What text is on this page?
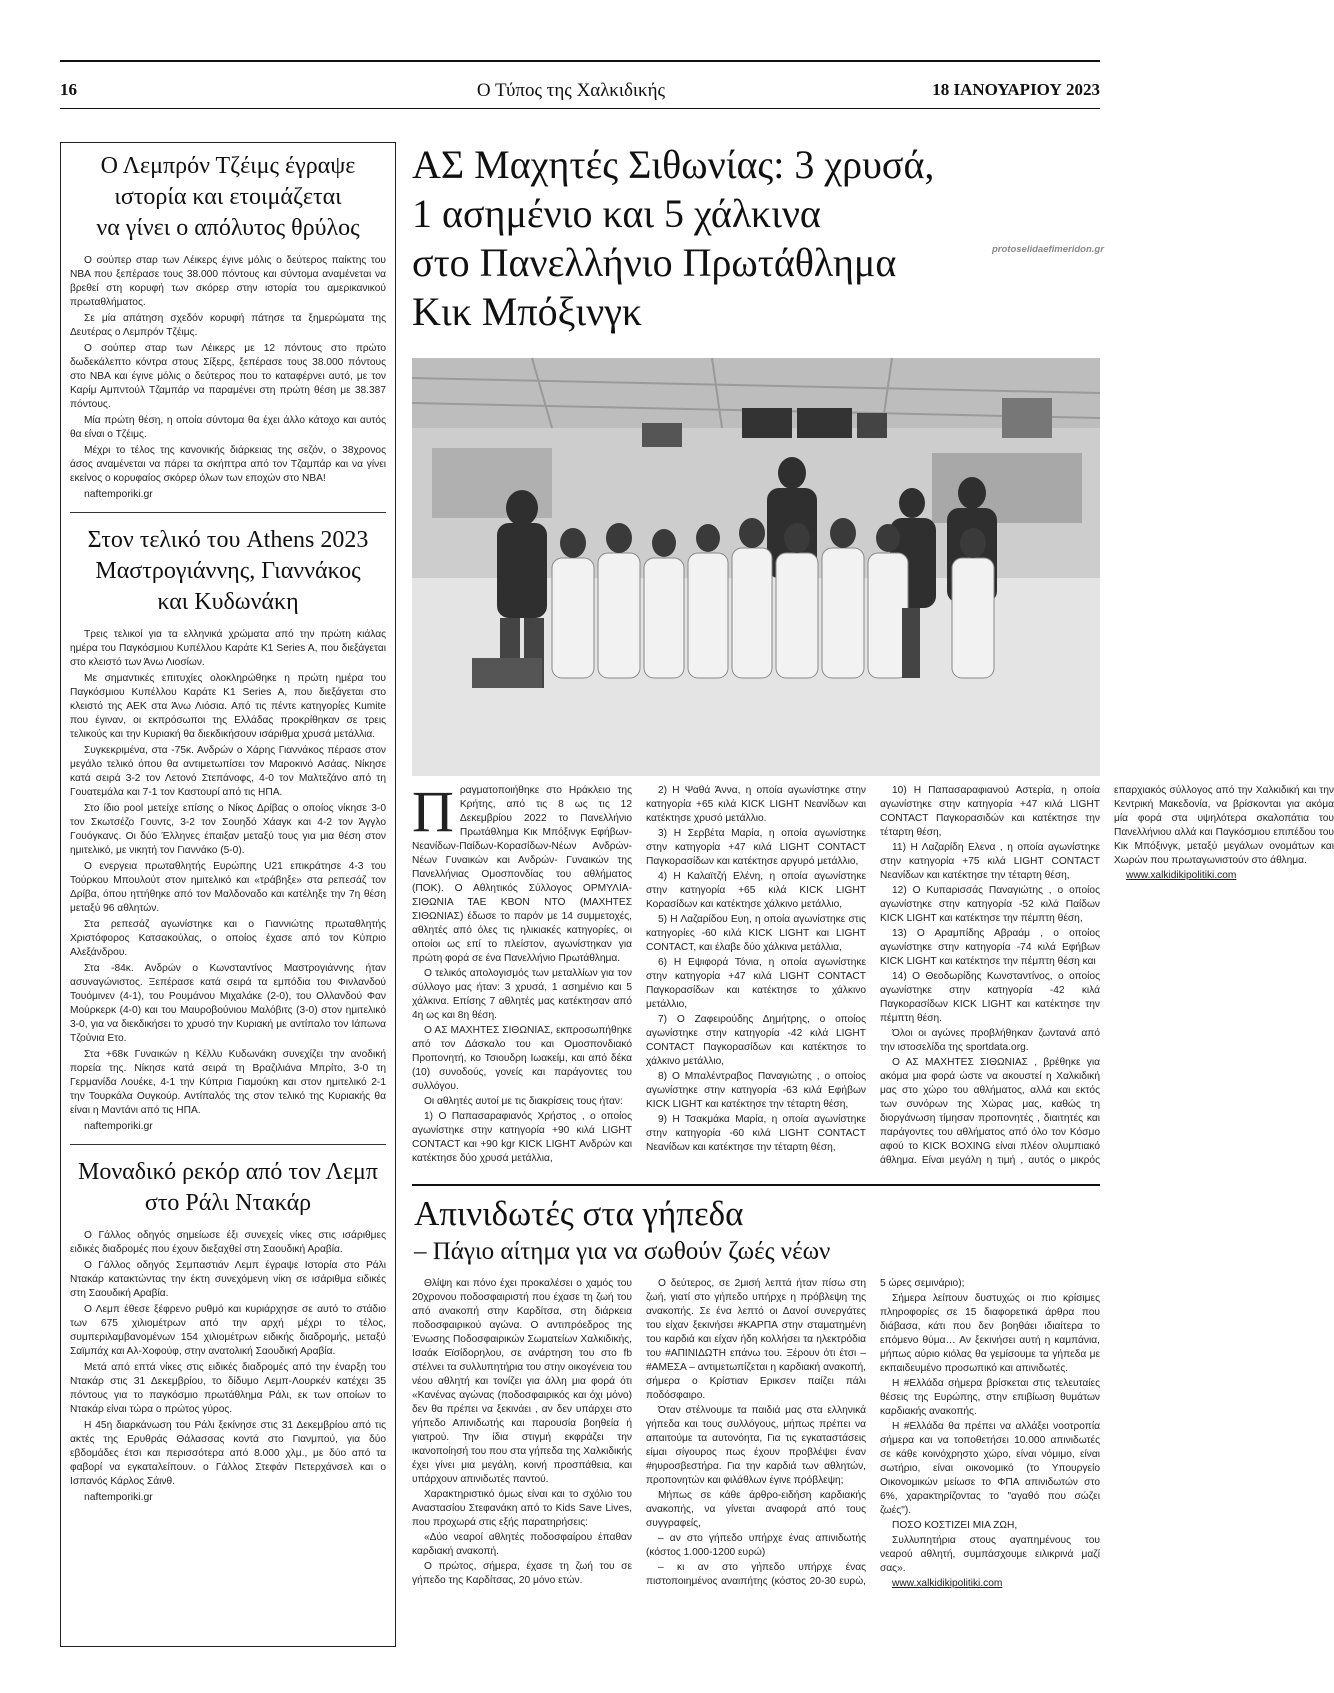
16	Ο Τύπος της Χαλκιδικής	18 ΙΑΝΟΥΑΡΙΟΥ 2023
Ο Λεμπρόν Τζέιμς έγραψε
ιστορία και ετοιμάζεται
να γίνει ο απόλυτος θρύλος

Ο σούπερ σταρ των Λέικερς έγινε μόλις ο δεύτερος παίκτης του NBA που ξεπέρασε τους 38.000 πόντους και σύντομα αναμένεται να βρεθεί στη κορυφή των σκόρερ στην ιστορία του αμερικανικού πρωταθλήματος.

Σε μία απάτηση σχεδόν κορυφή πάτησε τα ξημερώματα της Δευτέρας ο Λεμπρόν Τζέιμς.

Ο σούπερ σταρ των Λέικερς με 12 πόντους στο πρώτο δωδεκάλεπτο κόντρα στους Σίξερς, ξεπέρασε τους 38.000 πόντους στο NBA και έγινε μόλις ο δεύτερος που το καταφέρνει αυτό, με τον Καρίμ Αμπντούλ Τζαμπάρ να παραμένει στη πρώτη θέση με 38.387 πόντους.

Μία πρώτη θέση, η οποία σύντομα θα έχει άλλο κάτοχο και αυτός θα είναι ο Τζέιμς.

Μέχρι το τέλος της κανονικής διάρκειας της σεζόν, ο 38χρονος άσος αναμένεται να πάρει τα σκήπτρα από τον Τζαμπάρ και να γίνει εκείνος ο κορυφαίος σκόρερ όλων των εποχών στο NBA!

naftemporiki.gr
Στον τελικό του Athens 2023
Μαστρογιάννης, Γιαννάκος
και Κυδωνάκη

Τρεις τελικοί για τα ελληνικά χρώματα από την πρώτη κιάλας ημέρα του Παγκόσμιου Κυπέλλου Καράτε K1 Series A, που διεξάγεται στο κλειστό των Άνω Λιοσίων.

Με σημαντικές επιτυχίες ολοκληρώθηκε η πρώτη ημέρα του Παγκόσμιου Κυπέλλου Καράτε K1 Series A, που διεξάγεται στο κλειστό της ΑΕΚ στα Άνω Λιόσια. Από τις πέντε κατηγορίες Kumite που έγιναν, οι εκπρόσωποι της Ελλάδας προκρίθηκαν σε τρεις τελικούς και την Κυριακή θα διεκδικήσουν ισάριθμα χρυσά μετάλλια.

Συγκεκριμένα, στα -75κ. Ανδρών ο Χάρης Γιαννάκος πέρασε στον μεγάλο τελικό όπου θα αντιμετωπίσει τον Μαροκινό Ασάας. Νίκησε κατά σειρά 3-2 τον Λετονό Στεπάνοφς, 4-0 τον Μαλτεζάνο από τη Γουατεμάλα και 7-1 τον Καστουρί από τις ΗΠΑ.

Στο ίδιο pool μετείχε επίσης ο Νίκος Δρίβας ο οποίος νίκησε 3-0 τον Σκωτσέζο Γουντς, 3-2 τον Σουηδό Χάαγκ και 4-2 τον Άγγλο Γουόγκανς. Οι δύο Έλληνες έπαιξαν μεταξύ τους για μια θέση στον ημιτελικό, με νικητή τον Γιαννάκο (5-0).

Ο ενεργεια πρωταθλητής Ευρώπης U21 επικράτησε 4-3 του Τούρκου Μπουλούτ στον ημιτελικό και «τράβηξε» στα ρεπεσάζ τον Δρίβα, όπου ηττήθηκε από τον Μαλδοναδο και κατέληξε την 7η θέση μεταξύ 96 αθλητών.

Στα ρεπεσάζ αγωνίστηκε και ο Γιαννιώτης πρωταθλητής Χριστόφορος Κατσακούλας, ο οποίος έχασε από τον Κύπριο Αλεξάνδρου.

Στα -84κ. Ανδρών ο Κωνσταντίνος Μαστρογιάννης ήταν ασυναγώνιστος. Ξεπέρασε κατά σειρά τα εμπόδια του Φινλανδού Τουόμινεν (4-1), του Ρουμάνου Μιχαλάκε (2-0), του Ολλανδού Φαν Μούρκερκ (4-0) και του Μαυροβούνιου Μαλόβιτς (3-0) στον ημιτελικό 3-0, για να διεκδικήσει το χρυσό την Κυριακή με αντίπαλο τον Ιάπωνα Τζούνια Ετο.

Στα +68κ Γυναικών η Κέλλυ Κυδωνάκη συνεχίζει την ανοδική πορεία της. Νίκησε κατά σειρά τη Βραζιλιάνα Μπρίτο, 3-0 τη Γερμανίδα Λουέκε, 4-1 την Κύπρια Γιαμούκη και στον ημιτελικό 2-1 την Τουρκάλα Ουγκούρ. Αντίπαλός της στον τελικό της Κυριακής θα είναι η Μαντάνι από τις ΗΠΑ.

naftemporiki.gr
Μοναδικό ρεκόρ από τον Λεμπ
στο Ράλι Ντακάρ

Ο Γάλλος οδηγός σημείωσε έξι συνεχείς νίκες στις ισάριθμες ειδικές διαδρομές που έχουν διεξαχθεί στη Σαουδική Αραβία.

Ο Γάλλος οδηγός Σεμπαστιάν Λεμπ έγραψε Ιστορία στο Ράλι Ντακάρ κατακτώντας την έκτη συνεχόμενη νίκη σε ισάριθμα ειδικές στη Σαουδική Αραβία.

Ο Λεμπ έθεσε ξέφρενο ρυθμό και κυριάρχησε σε αυτό το στάδιο των 675 χιλιομέτρων από την αρχή μέχρι το τέλος, συμπεριλαμβανομένων 154 χιλιομέτρων ειδικής διαδρομής, μεταξύ Σαϊμπάχ και Αλ-Χοφούφ, στην ανατολική Σαουδική Αραβία.

Μετά από επτά νίκες στις ειδικές διαδρομές από την έναρξη του Ντακάρ στις 31 Δεκεμβρίου, το δίδυμο Λεμπ-Λουρκέν κατέχει 35 πόντους για το παγκόσμιο πρωτάθλημα Ράλι, εκ των οποίων το Ντακάρ είναι τώρα ο πρώτος γύρος.

Η 45η διαρκάνωση του Ράλι ξεκίνησε στις 31 Δεκεμβρίου από τις ακτές της Ερυθράς Θάλασσας κοντά στο Γιανμπού, για δύο εβδομάδες έτσι και περισσότερα από 8.000 χλμ., με δύο από τα φαβορί να εγκαταλείπουν. ο Γάλλος Στεφάν Πετερχάνσελ και ο Ισπανός Κάρλος Σάινθ.

naftemporiki.gr
ΑΣ Μαχητές Σιθωνίας: 3 χρυσά,
1 ασημένιο και 5 χάλκινα
στο Πανελλήνιο Πρωτάθλημα
Κικ Μπόξινγκ
protoselidaefimeridon.gr
Π ραγματοποιήθηκε στο Ηράκλειο της Κρήτης, από τις 8 ως τις 12 Δεκεμβρίου 2022 το Πανελλήνιο Πρωτάθλημα Κικ Μπόξινγκ Εφήβων-Νεανίδων-Παίδων-Κορασίδων-Νέων Ανδρών-Νέων Γυναικών και Ανδρών- Γυναικών της Πανελλήνιας Ομοσπονδίας του αθλήματος (ΠΟΚ). Ο Αθλητικός Σύλλογος ΟΡΜΥΛΙΑ-ΣΙΘΩΝΙΑ ΤΑΕ ΚΒΟΝ ΝΤΟ (ΜΑΧΗΤΕΣ ΣΙΘΩΝΙΑΣ) έδωσε το παρόν με 14 συμμετοχές, αθλητές από όλες τις ηλικιακές κατηγορίες, οι οποίοι ως επί το πλείστον, αγωνίστηκαν για πρώτη φορά σε ένα Πανελλήνιο Πρωτάθλημα.

Ο τελικός απολογισμός των μεταλλίων για τον σύλλογο μας ήταν: 3 χρυσά, 1 ασημένιο και 5 χάλκινα. Επίσης 7 αθλητές μας κατέκτησαν από 4η ως και 8η θέση.

Ο ΑΣ ΜΑΧΗΤΕΣ ΣΙΘΩΝΙΑΣ, εκπροσωπήθηκε από τον Δάσκαλο του και Ομοσπονδιακό Προπονητή, κο Τσιουδρη Ιωακείμ, και από δέκα (10) συνοδούς, γονείς και παράγοντες του συλλόγου.

Οι αθλητές αυτοί με τις διακρίσεις τους ήταν:

1) Ο Παπασαραφιανός Χρήστος , ο οποίος αγωνίστηκε στην κατηγορία +90 κιλά LIGHT CONTACT και +90 kgr KICK LIGHT Ανδρών και κατέκτησε δύο χρυσά μετάλλια,

2) Η Ψαθά Άννα, η οποία αγωνίστηκε στην κατηγορία +65 κιλά KICK LIGHT Νεανίδων και κατέκτησε χρυσό μετάλλιο.

3) Η Σερβέτα Μαρία, η οποία αγωνίστηκε στην κατηγορία +47 κιλά LIGHT CONTACT Παγκορασίδων και κατέκτησε αργυρό μετάλλιο,

4) Η Καλαϊτζή Ελένη, η οποία αγωνίστηκε στην κατηγορία +65 κιλά KICK LIGHT Κορασίδων και κατέκτησε χάλκινο μετάλλιο,

5) Η Λαζαρίδου Ευη, η οποία αγωνίστηκε στις κατηγορίες -60 κιλά KICK LIGHT και LIGHT CONTACT, και έλαβε δύο χάλκινα μετάλλια,

6) Η Εψιφορά Τόνια, η οποία αγωνίστηκε στην κατηγορία +47 κιλά LIGHT CONTACT Παγκορασίδων και κατέκτησε το χάλκινο μετάλλιο,

7) Ο Ζαφειρούδης Δημήτρης, ο οποίος αγωνίστηκε στην κατηγορία -42 κιλά LIGHT CONTACT Παγκορασίδων και κατέκτησε το χάλκινο μετάλλιο,

8) Ο Μπαλέντραβος Παναγιώτης , ο οποίος αγωνίστηκε στην κατηγορία -63 κιλά Εφήβων KICK LIGHT και κατέκτησε την τέταρτη θέση,

9) Η Τσακμάκα Μαρία, η οποία αγωνίστηκε στην κατηγορία -60 κιλά LIGHT CONTACT Νεανίδων και κατέκτησε την τέταρτη θέση,

10) Η Παπασαραφιανού Αστερία, η οποία αγωνίστηκε στην κατηγορία +47 κιλά LIGHT CONTACT Παγκορασιδών και κατέκτησε την τέταρτη θέση,

11) Η Λαζαρίδη Ελενα , η οποία αγωνίστηκε στην κατηγορία +75 κιλά LIGHT CONTACT Νεανίδων και κατέκτησε την τέταρτη θέση,

12) Ο Κυπαρισσάς Παναγιώτης , ο οποίος αγωνίστηκε στην κατηγορία -52 κιλά Παίδων KICK LIGHT και κατέκτησε την πέμπτη θέση,

13) Ο Αραμπίδης Αβραάμ , ο οποίος αγωνίστηκε στην κατηγορία -74 κιλά Εφήβων KICK LIGHT και κατέκτησε την πέμπτη θέση και

14) Ο Θεοδωρίδης Κωνσταντίνος, ο οποίος αγωνίστηκε στην κατηγορία -42 κιλά Παγκορασίδων KICK LIGHT και κατέκτησε την πέμπτη θέση.

Όλοι οι αγώνες προβλήθηκαν ζωντανά από την ιστοσελίδα της sportdata.org.

Ο ΑΣ ΜΑΧΗΤΕΣ ΣΙΘΩΝΙΑΣ , βρέθηκε για ακόμα μια φορά ώστε να ακουστεί η Χαλκιδική μας στο χώρο του αθλήματος, αλλά και εκτός των συνόρων της Χώρας μας, καθώς τη διοργάνωση τίμησαν προπονητές , διαιτητές και παράγοντες του αθλήματος από όλο τον Κόσμο αφού το KICK BOXING είναι πλέον ολυμπιακό άθλημα. Είναι μεγάλη η τιμή , αυτός ο μικρός επαρχιακός σύλλογος από την Χαλκιδική και την Κεντρική Μακεδονία, να βρίσκονται για ακόμα μία φορά στα υψηλότερα σκαλοπάτια του Πανελλήνιου αλλά και Παγκόσμιου επιπέδου του Κικ Μπόξινγκ, μεταξύ μεγάλων ονομάτων και Χωρών που πρωταγωνιστούν στο άθλημα.

www.xalkidikipolitiki.com

Απινιδωτές στα γήπεδα
– Πάγιο αίτημα για να σωθούν ζωές νέων

Θλίψη και πόνο έχει προκαλέσει ο χαμός του 20χρονου ποδοσφαιριστή που έχασε τη ζωή του από ανακοπή στην Καρδίτσα, στη διάρκεια ποδοσφαιρικού αγώνα. Ο αντιπρόεδρος της Ένωσης Ποδοσφαιρικών Σωματείων Χαλκιδικής, Ισαάκ Εϊσίδορηλου, σε ανάρτηση του στο fb στέλνει τα συλλυπητήρια του στην οικογένεια του νέου αθλητή και τονίζει για άλλη μια φορά ότι «Κανένας αγώνας (ποδοσφαιρικός και όχι μόνο) δεν θα πρέπει να ξεκινάει , αν δεν υπάρχει στο γήπεδο Απινιδωτής και παρουσία βοηθεία ή γιατρού. Την ίδια στιγμή εκφράζει την ικανοποίησή του που στα γήπεδα της Χαλκιδικής έχει γίνει μια μεγάλη, κοινή προσπάθεια, και υπάρχουν απινιδωτές παντού.

Χαρακτηριστικό όμως είναι και το σχόλιο του Αναστασίου Στεφανάκη από το Kids Save Lives, που προχωρά στις εξής παρατηρήσεις:

«Δύο νεαροί αθλητές ποδοσφαίρου έπαθαν καρδιακή ανακοπή.

Ο πρώτος, σήμερα, έχασε τη ζωή του σε γήπεδο της Καρδίτσας, 20 μόνο ετών.

Ο δεύτερος, σε 2μισή λεπτά ήταν πίσω στη ζωή, γιατί στο γήπεδο υπήρχε η πρόβλεψη της ανακοπής. Σε ένα λεπτό οι Δανοί συνεργάτες του είχαν ξεκινήσει #ΚΑΡΠΑ στην σταματημένη του καρδιά και είχαν ήδη κολλήσει τα ηλεκτρόδια του #ΑΠΙΝΙΔΩΤΗ επάνω του. Ξέρουν ότι έτσι – #ΑΜΕΣΑ – αντιμετωπίζεται η καρδιακή ανακοπή, σήμερα ο Κρίστιαν Ερικσεν παίζει πάλι ποδόσφαιρο.

Όταν στέλνουμε τα παιδιά μας στα ελληνικά γήπεδα και τους συλλόγους, μήπως πρέπει να απαιτούμε τα αυτονόητα, Για τις εγκαταστάσεις είμαι σίγουρος πως έχουν προβλέψει έναν #ηυροσβεστήρα. Για την καρδιά των αθλητών, προπονητών και φιλάθλων έγινε πρόβλεψη;

Μήπως σε κάθε άρθρο-ειδήση καρδιακής ανακοπής, να γίνεται αναφορά από τους συγγραφείς,

– αν στο γήπεδο υπήρχε ένας απινιδωτής (κόστος 1.000-1200 ευρώ)

– κι αν στο γήπεδο υπήρχε ένας πιστοποιημένος αναιπήτης (κόστος 20-30 ευρώ, 5 ώρες σεμινάριο);

Σήμερα λείπουν δυστυχώς οι πιο κρίσιμες πληροφορίες σε 15 διαφορετικά άρθρα που διάβασα, κάτι που δεν βοηθάει ιδιαίτερα το επόμενο θύμα… Αν ξεκινήσει αυτή η καμπάνια, μήπως αύριο κιόλας θα γεμίσουμε τα γήπεδα με εκπαιδευμένο προσωπικό και απινιδωτές.

Η #Ελλάδα σήμερα βρίσκεται στις τελευταίες θέσεις της Ευρώπης, στην επιβίωση θυμάτων καρδιακής ανακοπής.

Η #Ελλάδα θα πρέπει να αλλάξει νοοτροπία σήμερα και να τοποθετήσει 10.000 απινιδωτές σε κάθε κοινόχρηστο χώρο, είναι νόμιμο, είναι σωτήριο, είναι οικονομικό (το Υπουργείο Οικονομικών μείωσε το ΦΠΑ απινιδωτών στο 6%, χαρακτηρίζοντας το "αγαθό που σώζει ζωές").

ΠΟΣΟ ΚΟΣΤΙΖΕΙ ΜΙΑ ΖΩΗ,

Συλλυπητήρια στους αγαπημένους του νεαρού αθλητή, συμπάσχουμε ειλικρινά μαζί σας».

www.xalkidikipolitiki.com
